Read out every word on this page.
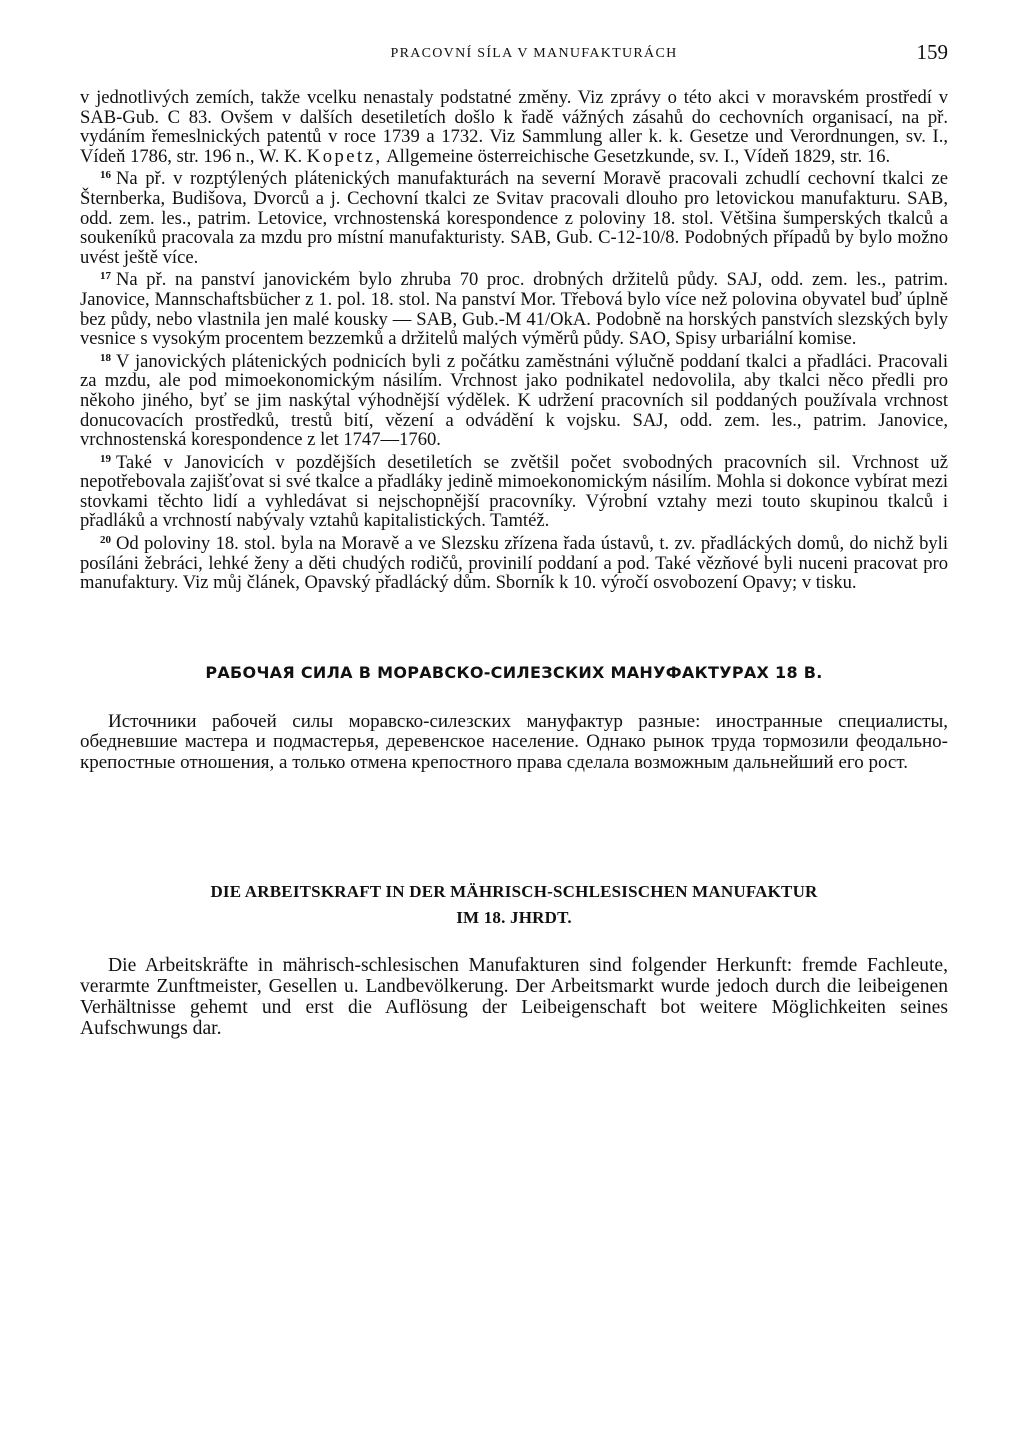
PRACOVNÍ SÍLA V MANUFAKTURÁCH	159

v jednotlivých zemích, takže vcelku nenastaly podstatné změny. Viz zprávy o této akci v moravském prostředí v SAB-Gub. C 83. Ovšem v dalších desetiletích došlo k řadě vážných zásahů do cechovních organisací, na př. vydáním řemeslnických patentů v roce 1739 a 1732. Viz Sammlung aller k. k. Gesetze und Verordnungen, sv. I., Vídeň 1786, str. 196 n., W. K. Kopetz, Allgemeine österreichische Gesetzkunde, sv. I., Vídeň 1829, str. 16.

$^{16}$ Na př. v rozptýlených plátenických manufakturách na severní Moravě pracovali zchudlí cechovní tkalci ze Šternberka, Budišova, Dvorců a j. Cechovní tkalci ze Svitav pracovali dlouho pro letovickou manufakturu. SAB, odd. zem. les., patrim. Letovice, vrchnostenská korespondence z poloviny 18. stol. Většina šumperských tkalců a soukeníků pracovala za mzdu pro místní manufakturisty. SAB, Gub. C-12-10/8. Podobných případů by bylo možno uvést ještě více.

$^{17}$ Na př. na panství janovickém bylo zhruba 70 proc. drobných držitelů půdy. SAJ, odd. zem. les., patrim. Janovice, Mannschaftsbücher z 1. pol. 18. stol. Na panství Mor. Třebová bylo více než polovina obyvatel buď úplně bez půdy, nebo vlastnila jen malé kousky — SAB, Gub.-M 41/OkA. Podobně na horských panstvích slezských byly vesnice s vysokým procentem bezzemků a držitelů malých výměrů půdy. SAO, Spisy urbariální komise.

$^{18}$ V janovických plátenických podnicích byli z počátku zaměstnáni výlučně poddaní tkalci a přadláci. Pracovali za mzdu, ale pod mimoekonomickým násilím. Vrchnost jako podnikatel nedovolila, aby tkalci něco předli pro někoho jiného, byť se jim naskýtal výhodnější výdělek. K udržení pracovních sil poddaných používala vrchnost donucovacích prostředků, trestů bití, vězení a odvádění k vojsku. SAJ, odd. zem. les., patrim. Janovice, vrchnostenská korespondence z let 1747—1760.

$^{19}$ Také v Janovicích v pozdějších desetiletích se zvětšil počet svobodných pracovních sil. Vrchnost už nepotřebovala zajišťovat si své tkalce a přadláky jedině mimoekonomickým násilím. Mohla si dokonce vybírat mezi stovkami těchto lidí a vyhledávat si nejschopnější pracovníky. Výrobní vztahy mezi touto skupinou tkalců i přadláků a vrchností nabývaly vztahů kapitalistických. Tamtéž.

$^{20}$ Od poloviny 18. stol. byla na Moravě a ve Slezsku zřízena řada ústavů, t. zv. přadláckých domů, do nichž byli posíláni žebráci, lehké ženy a děti chudých rodičů, provinilí poddaní a pod. Také vězňové byli nuceni pracovat pro manufaktury. Viz můj článek, Opavský přadlácký dům. Sborník k 10. výročí osvobození Opavy; v tisku.

РАБОЧАЯ СИЛА В МОРАВСКО-СИЛЕЗСКИХ МАНУФАКТУРАХ 18 В.

Источники рабочей силы моравско-силезских мануфактур разные: иностранные специалисты, обедневшие мастера и подмастерья, деревенское население. Однако рынок труда тормозили феодально-крепостные отношения, а только отмена крепостного права сделала возможным дальнейший его рост.

DIE ARBEITSKRAFT IN DER MÄHRISCH-SCHLESISCHEN MANUFAKTUR
IM 18. JHRDT.

Die Arbeitskräfte in mährisch-schlesischen Manufakturen sind folgender Herkunft: fremde Fachleute, verarmte Zunftmeister, Gesellen u. Landbevölkerung. Der Arbeitsmarkt wurde jedoch durch die leibeigenen Verhältnisse gehemt und erst die Auflösung der Leibeigenschaft bot weitere Möglichkeiten seines Aufschwungs dar.
